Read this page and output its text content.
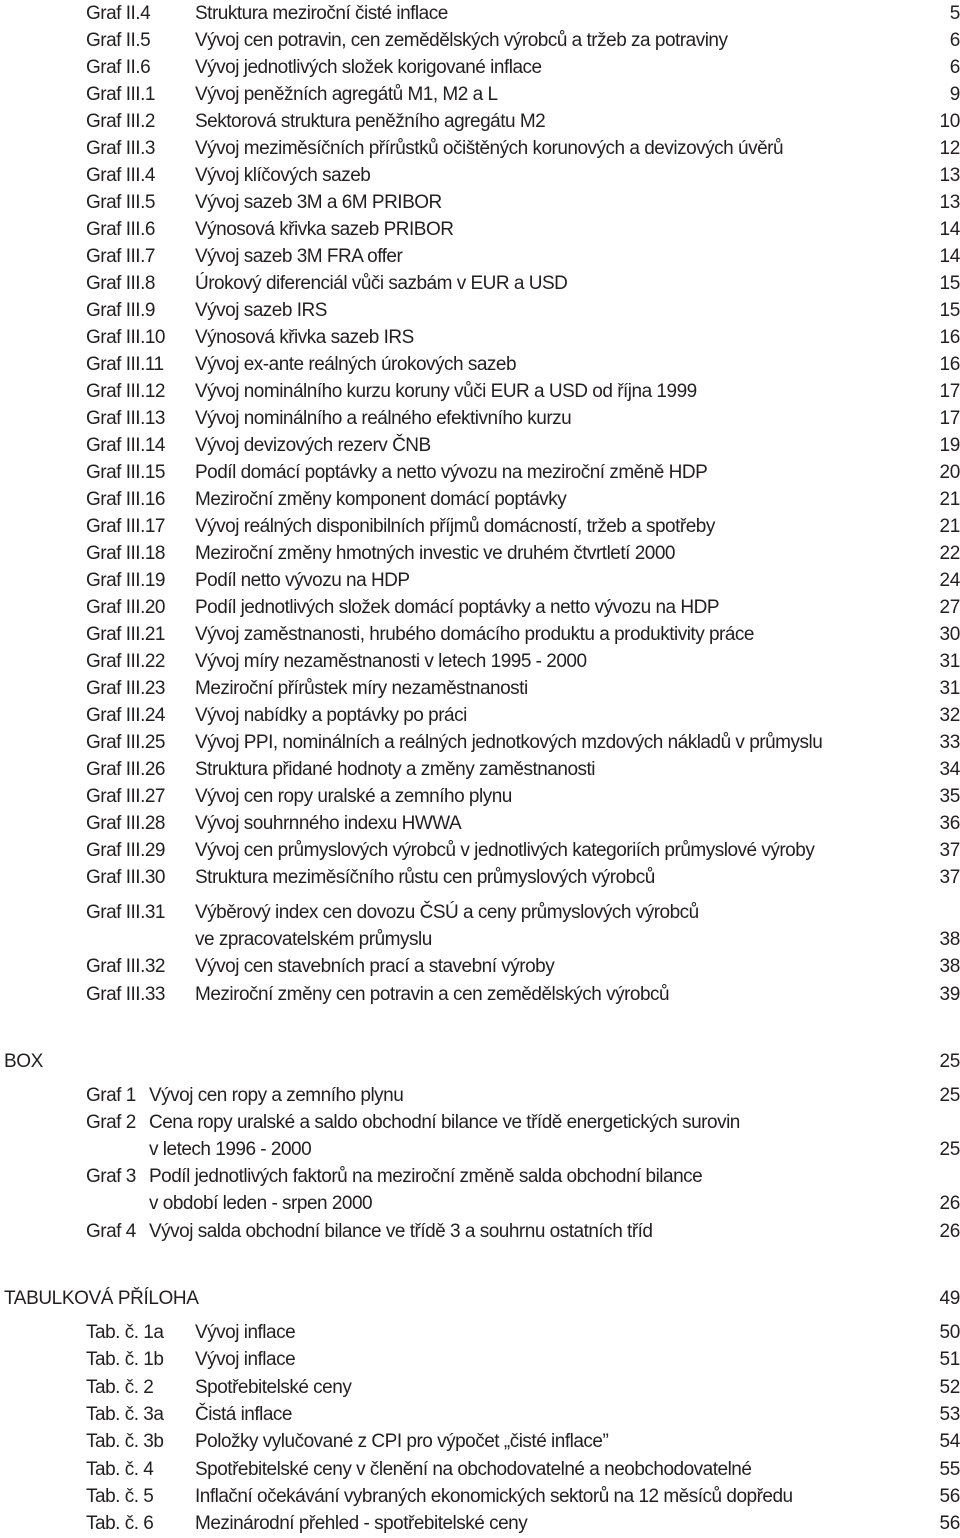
Graf II.4 Struktura meziroční čisté inflace	5
Graf II.5 Vývoj cen potravin, cen zemědělských výrobců a tržeb za potraviny	6
Graf II.6 Vývoj jednotlivých složek korigované inflace	6
Graf III.1 Vývoj peněžních agregátů M1, M2 a L	9
Graf III.2 Sektorová struktura peněžního agregátu M2	10
Graf III.3 Vývoj meziměsíčních přírůstků očištěných korunových a devizových úvěrů	12
Graf III.4 Vývoj klíčových sazeb	13
Graf III.5 Vývoj sazeb 3M a 6M PRIBOR	13
Graf III.6 Výnosová křivka sazeb PRIBOR	14
Graf III.7 Vývoj sazeb 3M FRA offer	14
Graf III.8 Úrokový diferenciál vůči sazbám v EUR a USD	15
Graf III.9 Vývoj sazeb IRS	15
Graf III.10 Výnosová křivka sazeb IRS	16
Graf III.11 Vývoj ex-ante reálných úrokových sazeb	16
Graf III.12 Vývoj nominálního kurzu koruny vůči EUR a USD od října 1999	17
Graf III.13 Vývoj nominálního a reálného efektivního kurzu	17
Graf III.14 Vývoj devizových rezerv ČNB	19
Graf III.15 Podíl domácí poptávky a netto vývozu na meziroční změně HDP	20
Graf III.16 Meziroční změny komponent domácí poptávky	21
Graf III.17 Vývoj reálných disponibilních příjmů domácností, tržeb a spotřeby	21
Graf III.18 Meziroční změny hmotných investic ve druhém čtvrtletí 2000	22
Graf III.19 Podíl netto vývozu na HDP	24
Graf III.20 Podíl jednotlivých složek domácí poptávky a netto vývozu na HDP	27
Graf III.21 Vývoj zaměstnanosti, hrubého domácího produktu a produktivity práce	30
Graf III.22 Vývoj míry nezaměstnanosti v letech 1995 - 2000	31
Graf III.23 Meziroční přírůstek míry nezaměstnanosti	31
Graf III.24 Vývoj nabídky a poptávky po práci	32
Graf III.25 Vývoj PPI, nominálních a reálných jednotkových mzdových nákladů v průmyslu	33
Graf III.26 Struktura přidané hodnoty a změny zaměstnanosti	34
Graf III.27 Vývoj cen ropy uralské a zemního plynu	35
Graf III.28 Vývoj souhrnného indexu HWWA	36
Graf III.29 Vývoj cen průmyslových výrobců v jednotlivých kategoriích průmyslové výroby	37
Graf III.30 Struktura meziměsíčního růstu cen průmyslových výrobců	37
Graf III.31 Výběrový index cen dovozu ČSÚ a ceny průmyslových výrobců
ve zpracovatelském průmyslu	38
Graf III.32 Vývoj cen stavebních prací a stavební výroby	38
Graf III.33 Meziroční změny cen potravin a cen zemědělských výrobců	39
BOX	25
Graf 1 Vývoj cen ropy a zemního plynu	25
Graf 2 Cena ropy uralské a saldo obchodní bilance ve třídě energetických surovin
v letech 1996 - 2000	25
Graf 3 Podíl jednotlivých faktorů na meziroční změně salda obchodní bilance
v období leden - srpen 2000	26
Graf 4 Vývoj salda obchodní bilance ve třídě 3 a souhrnu ostatních tříd	26
TABULKOVÁ PŘÍLOHA	49
Tab. č. 1a Vývoj inflace	50
Tab. č. 1b Vývoj inflace	51
Tab. č. 2 Spotřebitelské ceny	52
Tab. č. 3a Čistá inflace	53
Tab. č. 3b Položky vylučované z CPI pro výpočet „čisté inflace”	54
Tab. č. 4 Spotřebitelské ceny v členění na obchodovatelné a neobchodovatelné	55
Tab. č. 5 Inflační očekávání vybraných ekonomických sektorů na 12 měsíců dopředu	56
Tab. č. 6 Mezinárodní přehled - spotřebitelské ceny	56
